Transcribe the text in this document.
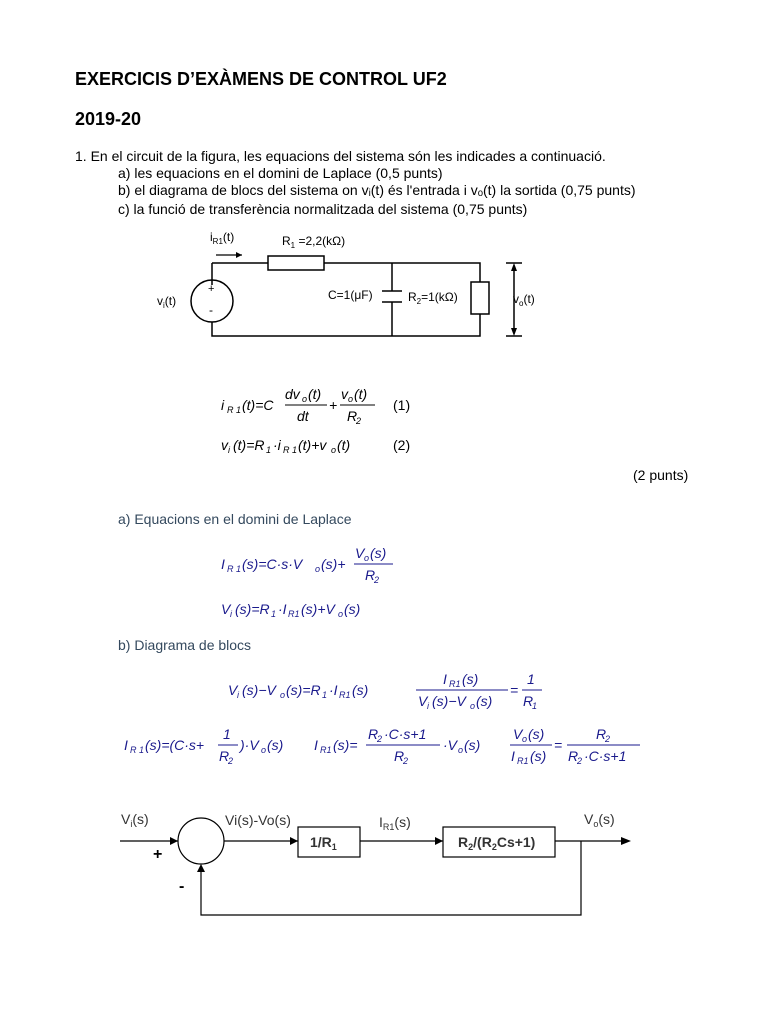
EXERCICIS D’EXÀMENS DE CONTROL UF2
2019-20
1. En el circuit de la figura, les equacions del sistema són les indicades a continuació.
a) les equacions en el domini de Laplace (0,5 punts)
b) el diagrama de blocs del sistema on vᵢ(t) és l'entrada i vₒ(t) la sortida (0,75 punts)
c) la funció de transferència normalitzada del sistema (0,75 punts)
$i_{R1}(t)$	$R_1 =2,2(k\Omega)$
+
-
$v_i(t)$	C=1(μF)	$R_2=1(k\Omega)$	$v_o(t)$
i R 1 (t)=C
dv o (t)
dt
+
v o (t)
R
2
(1)
v i (t)=R 1 ·i R 1 (t)+v o (t)	(2)
(2 punts)
a) Equacions en el domini de Laplace
I R 1 (s)=C·s·V o (s)+
V o (s)
R
2
V i (s)=R 1 ·I R1 (s)+V o (s)
b) Diagrama de blocs
V i (s)−V o (s)=R 1 ·I R1 (s)
I R1 (s)
V i (s)−V o (s)
=
1
R
1
I R 1 (s)=(C·s+
1
R
2
)·V o (s) I R1 (s)=
R
2 ·C·s+1
R
2
·V o (s)
V o (s)
I R1 (s)
=
R
2
R
2 ·C·s+1
$V_i(s)$	Vi(s)-Vo(s)	$I_{R1}(s)$	$V_o(s)$
$1/R_1$	$R_2/(R_2Cs+1)$
+
-
